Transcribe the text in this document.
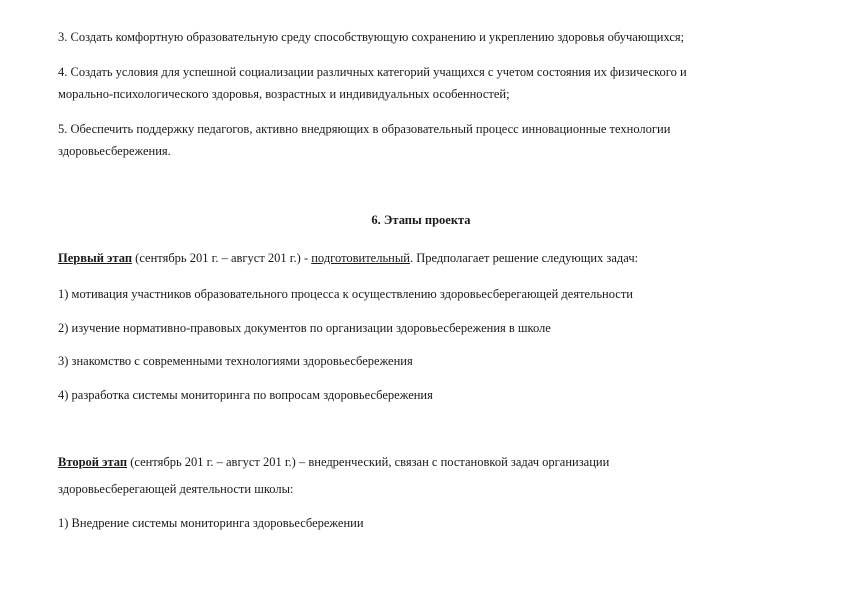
3. Создать комфортную образовательную среду способствующую сохранению и укреплению здоровья обучающихся;
4. Создать условия для успешной социализации различных категорий учащихся с учетом состояния их физического и
морально-психологического здоровья, возрастных и индивидуальных особенностей;
5. Обеспечить поддержку педагогов, активно внедряющих в образовательный процесс инновационные технологии
здоровьесбережения.
6. Этапы проекта
Первый этап (сентябрь 201 г. – август 201 г.) - подготовительный. Предполагает решение следующих задач:
1) мотивация участников образовательного процесса к осуществлению здоровьесберегающей деятельности
2) изучение нормативно-правовых документов по организации здоровьесбережения в школе
3) знакомство с современными технологиями здоровьесбережения
4) разработка системы мониторинга по вопросам здоровьесбережения
Второй этап (сентябрь 201 г. – август 201 г.) – внедренческий, связан с постановкой задач организации
здоровьесберегающей деятельности школы:
1) Внедрение системы мониторинга здоровьесбережении
